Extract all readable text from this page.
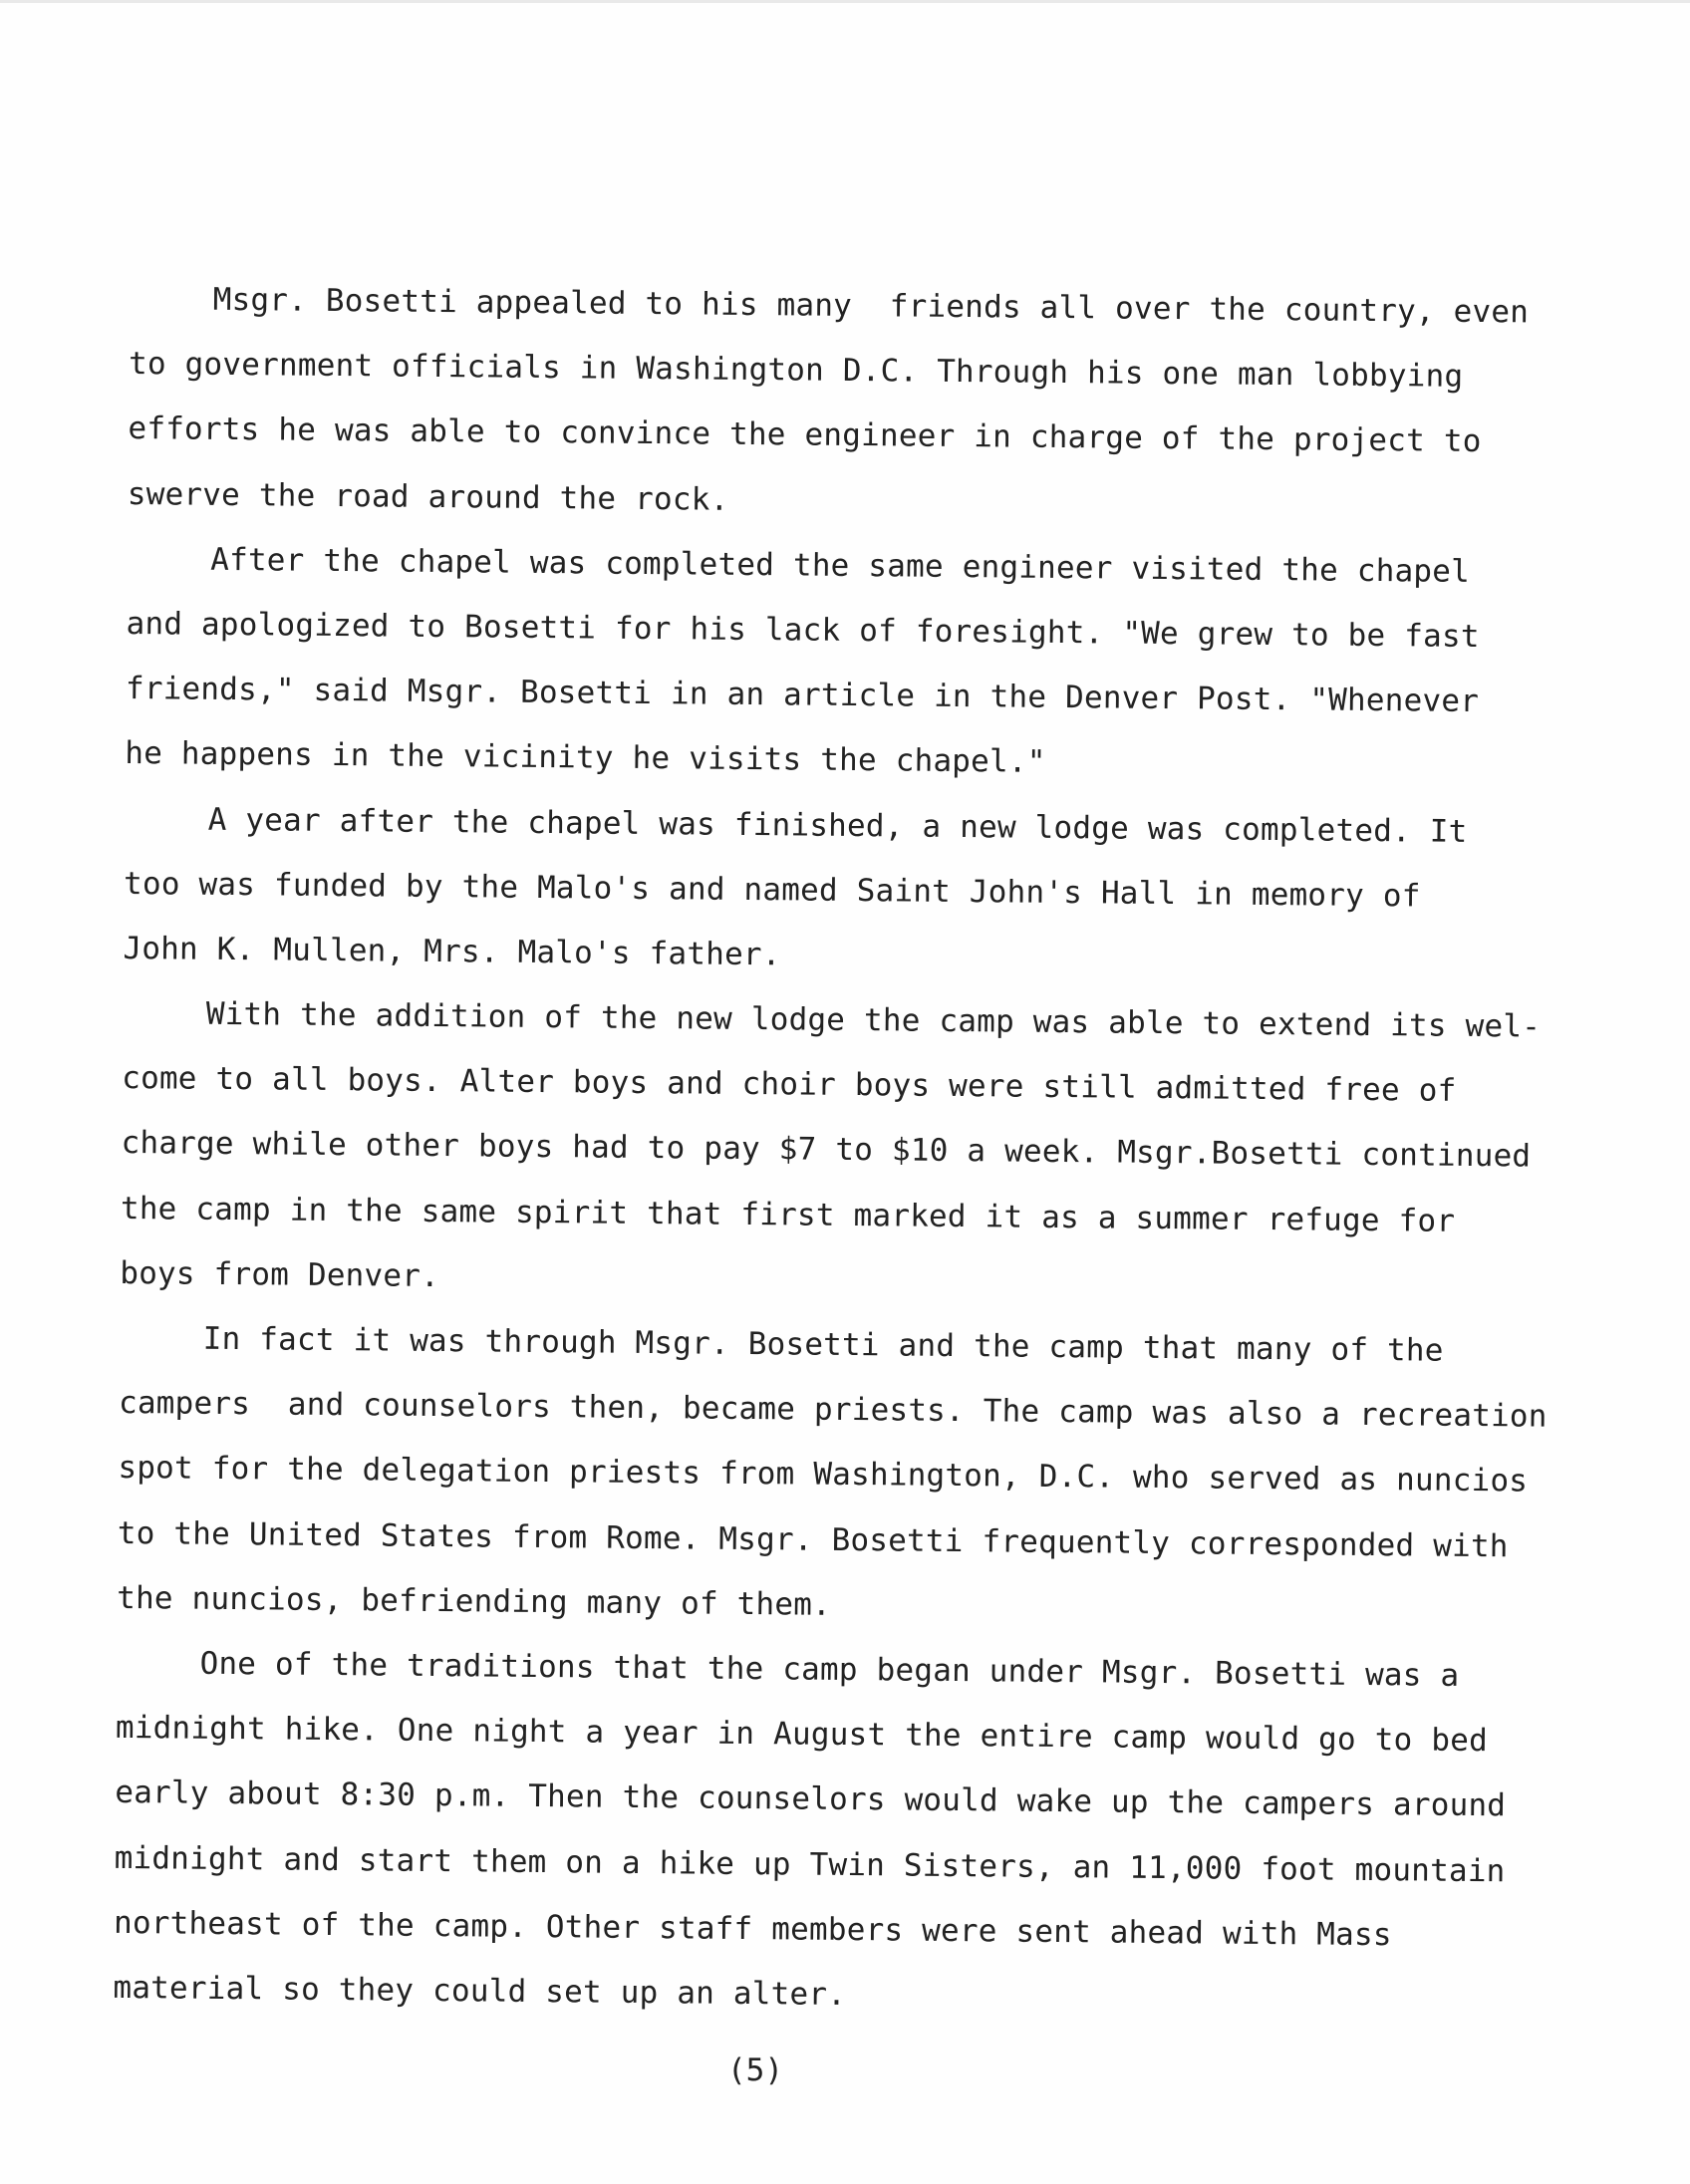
Msgr. Bosetti appealed to his many  friends all over the country, even
to government officials in Washington D.C. Through his one man lobbying
efforts he was able to convince the engineer in charge of the project to
swerve the road around the rock.
After the chapel was completed the same engineer visited the chapel
and apologized to Bosetti for his lack of foresight. "We grew to be fast
friends," said Msgr. Bosetti in an article in the Denver Post. "Whenever
he happens in the vicinity he visits the chapel."
A year after the chapel was finished, a new lodge was completed. It
too was funded by the Malo's and named Saint John's Hall in memory of
John K. Mullen, Mrs. Malo's father.
With the addition of the new lodge the camp was able to extend its wel-
come to all boys. Alter boys and choir boys were still admitted free of
charge while other boys had to pay $7 to $10 a week. Msgr.Bosetti continued
the camp in the same spirit that first marked it as a summer refuge for
boys from Denver.
In fact it was through Msgr. Bosetti and the camp that many of the
campers  and counselors then, became priests. The camp was also a recreation
spot for the delegation priests from Washington, D.C. who served as nuncios
to the United States from Rome. Msgr. Bosetti frequently corresponded with
the nuncios, befriending many of them.
One of the traditions that the camp began under Msgr. Bosetti was a
midnight hike. One night a year in August the entire camp would go to bed
early about 8:30 p.m. Then the counselors would wake up the campers around
midnight and start them on a hike up Twin Sisters, an 11,000 foot mountain
northeast of the camp. Other staff members were sent ahead with Mass
material so they could set up an alter.
(5)
